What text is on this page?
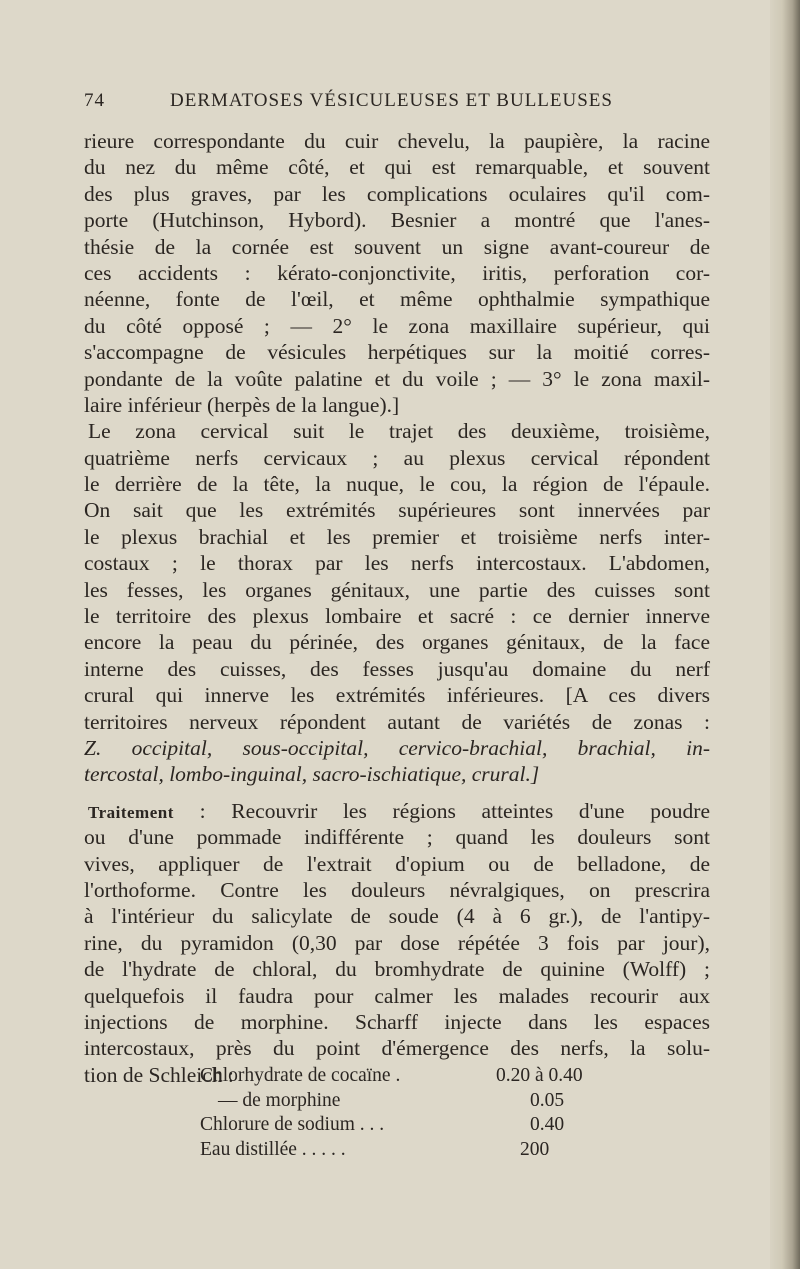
74	DERMATOSES VÉSICULEUSES ET BULLEUSES
rieure correspondante du cuir chevelu, la paupière, la racine
du nez du même côté, et qui est remarquable, et souvent
des plus graves, par les complications oculaires qu'il com-
porte (Hutchinson, Hybord). Besnier a montré que l'anes-
thésie de la cornée est souvent un signe avant-coureur de
ces accidents : kérato-conjonctivite, iritis, perforation cor-
néenne, fonte de l'œil, et même ophthalmie sympathique
du côté opposé ; — 2° le zona maxillaire supérieur, qui
s'accompagne de vésicules herpétiques sur la moitié corres-
pondante de la voûte palatine et du voile ; — 3° le zona maxil-
laire inférieur (herpès de la langue).]
Le zona cervical suit le trajet des deuxième, troisième,
quatrième nerfs cervicaux ; au plexus cervical répondent
le derrière de la tête, la nuque, le cou, la région de l'épaule.
On sait que les extrémités supérieures sont innervées par
le plexus brachial et les premier et troisième nerfs inter-
costaux ; le thorax par les nerfs intercostaux. L'abdomen,
les fesses, les organes génitaux, une partie des cuisses sont
le territoire des plexus lombaire et sacré : ce dernier innerve
encore la peau du périnée, des organes génitaux, de la face
interne des cuisses, des fesses jusqu'au domaine du nerf
crural qui innerve les extrémités inférieures. [A ces divers
territoires nerveux répondent autant de variétés de zonas :
Z. occipital, sous-occipital, cervico-brachial, brachial, in-
tercostal, lombo-inguinal, sacro-ischiatique, crural.]
Traitement : Recouvrir les régions atteintes d'une poudre
ou d'une pommade indifférente ; quand les douleurs sont
vives, appliquer de l'extrait d'opium ou de belladone, de
l'orthoforme. Contre les douleurs névralgiques, on prescrira
à l'intérieur du salicylate de soude (4 à 6 gr.), de l'antipy-
rine, du pyramidon (0,30 par dose répétée 3 fois par jour),
de l'hydrate de chloral, du bromhydrate de quinine (Wolff) ;
quelquefois il faudra pour calmer les malades recourir aux
injections de morphine. Scharff injecte dans les espaces
intercostaux, près du point d'émergence des nerfs, la solu-
tion de Schleich :
Chlorhydrate de cocaïne .	0.20 à 0.40
— de morphine	0.05
Chlorure de sodium . . .	0.40
Eau distillée . . . . .	200
